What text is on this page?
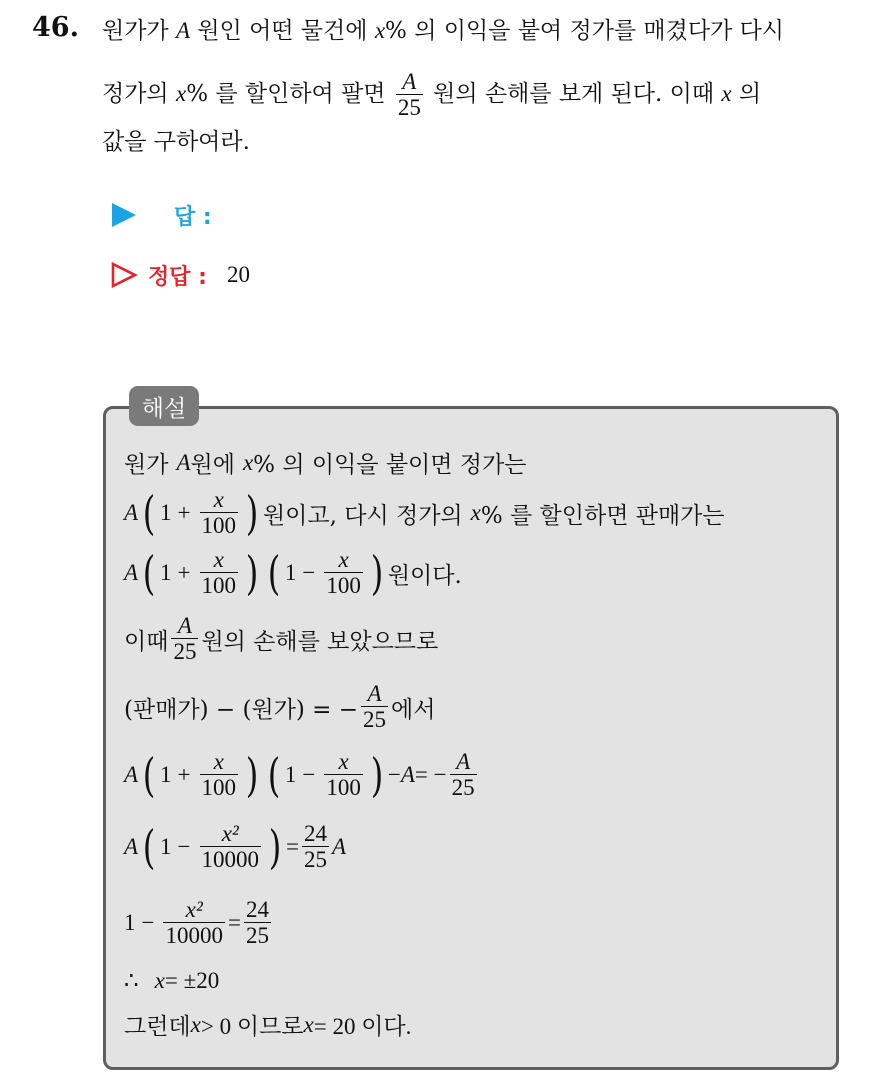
46. 원가가 A 원인 어떤 물건에 x% 의 이익을 붙여 정가를 매겼다가 다시
정가의 x% 를 할인하여 팔면 $\frac{A}{25}$ 원의 손해를 보게 된다. 이때 x 의
값을 구하여라.
답 :
정답 : 20
해설
원가 A 원에 x % 의 이익을 붙이면 정가는
A ( $1 + \frac{x}{100}$ ) 원이고, 다시 정가의 x % 를 할인하면 판매가는
A ( $1 + \frac{x}{100}$ ) ( $1 - \frac{x}{100}$ ) 원이다.
이때 $\frac{A}{25}$ 원의 손해를 보았으므로
(판매가) − (원가) = − $\frac{A}{25}$ 에서
A ( $1 + \frac{x}{100}$ ) ( $1 - \frac{x}{100}$ ) − A = − $\frac{A}{25}$
A ( $1 - \frac{\text{x²}}{10000}$ ) = $\frac{24}{25}$ A
$1 - \frac{\text{x²}}{10000} = \frac{24}{25}$
∴ x = ±20
그런데 x > 0 이므로 x = 20 이다.
